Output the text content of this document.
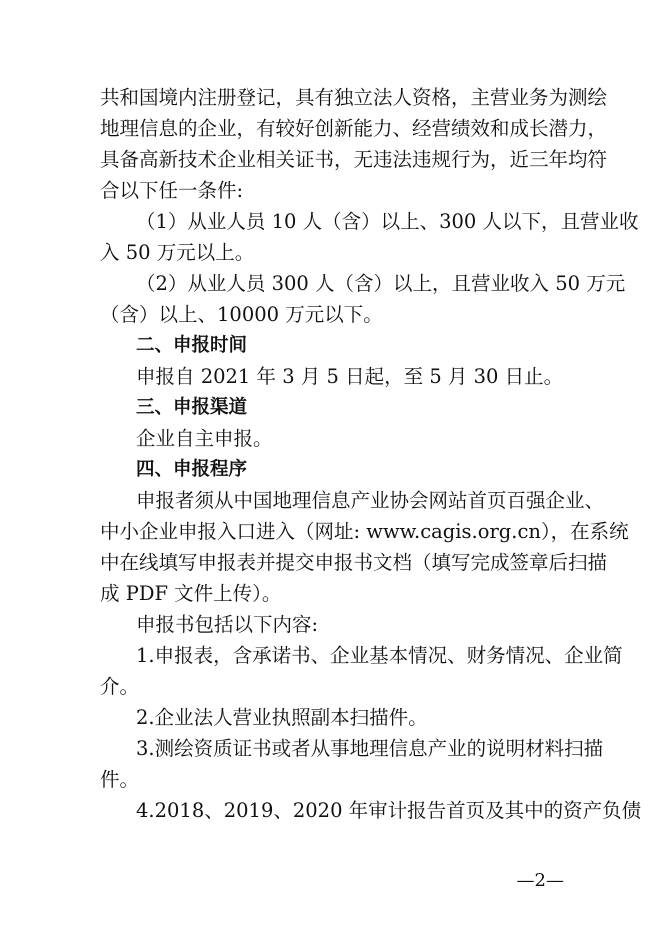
共和国境内注册登记，具有独立法人资格，主营业务为测绘
地理信息的企业，有较好创新能力、经营绩效和成长潜力，
具备高新技术企业相关证书，无违法违规行为，近三年均符
合以下任一条件:
（1）从业人员 10 人（含）以上、300 人以下，且营业收
入 50 万元以上。
（2）从业人员 300 人（含）以上，且营业收入 50 万元
（含）以上、10000 万元以下。
二、申报时间
申报自 2021 年 3 月 5 日起，至 5 月 30 日止。
三、申报渠道
企业自主申报。
四、申报程序
申报者须从中国地理信息产业协会网站首页百强企业、
中小企业申报入口进入（网址: www.cagis.org.cn），在系统
中在线填写申报表并提交申报书文档（填写完成签章后扫描
成 PDF 文件上传）。
申报书包括以下内容:
1.申报表，含承诺书、企业基本情况、财务情况、企业简
介。
2.企业法人营业执照副本扫描件。
3.测绘资质证书或者从事地理信息产业的说明材料扫描
件。
4.2018、2019、2020 年审计报告首页及其中的资产负债
—2—
